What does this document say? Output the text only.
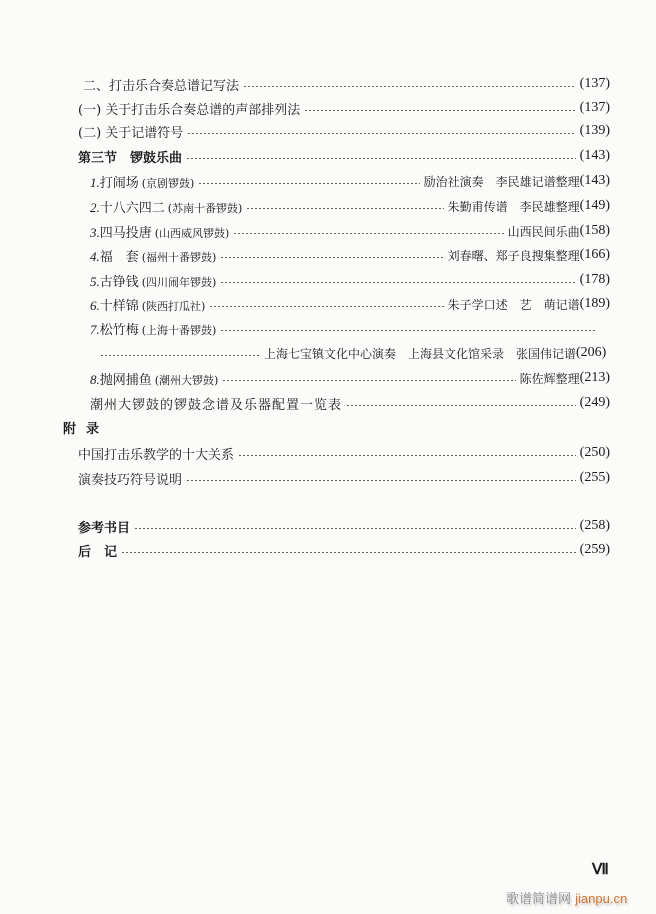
二、打击乐合奏总谱记写法	(137)
(一) 关于打击乐合奏总谱的声部排列法	(137)
(二) 关于记谱符号	(139)
第三节　锣鼓乐曲	(143)
1.打闹场 (京剧锣鼓)	励治社演奏　李民雄记谱整理 (143)
2.十八六四二 (苏南十番锣鼓)	朱勤甫传谱　李民雄整理 (149)
3.四马投唐 (山西威风锣鼓)	山西民间乐曲 (158)
4.福　套 (福州十番锣鼓)	刘春曙、郑子良搜集整理 (166)
5.古铮钱 (四川闹年锣鼓)	(178)
6.十样锦 (陕西打瓜社)	朱子学口述　艺　萌记谱 (189)
7.松竹梅 (上海十番锣鼓)
上海七宝镇文化中心演奏　上海县文化馆采录　张国伟记谱 (206)
8.抛网捕鱼 (潮州大锣鼓)	陈佐辉整理 (213)
潮州大锣鼓的锣鼓念谱及乐器配置一览表	(249)
附录
中国打击乐教学的十大关系	(250)
演奏技巧符号说明	(255)
参考书目	(258)
后　记	(259)
Ⅶ
歌谱简谱网 jianpu.cn
